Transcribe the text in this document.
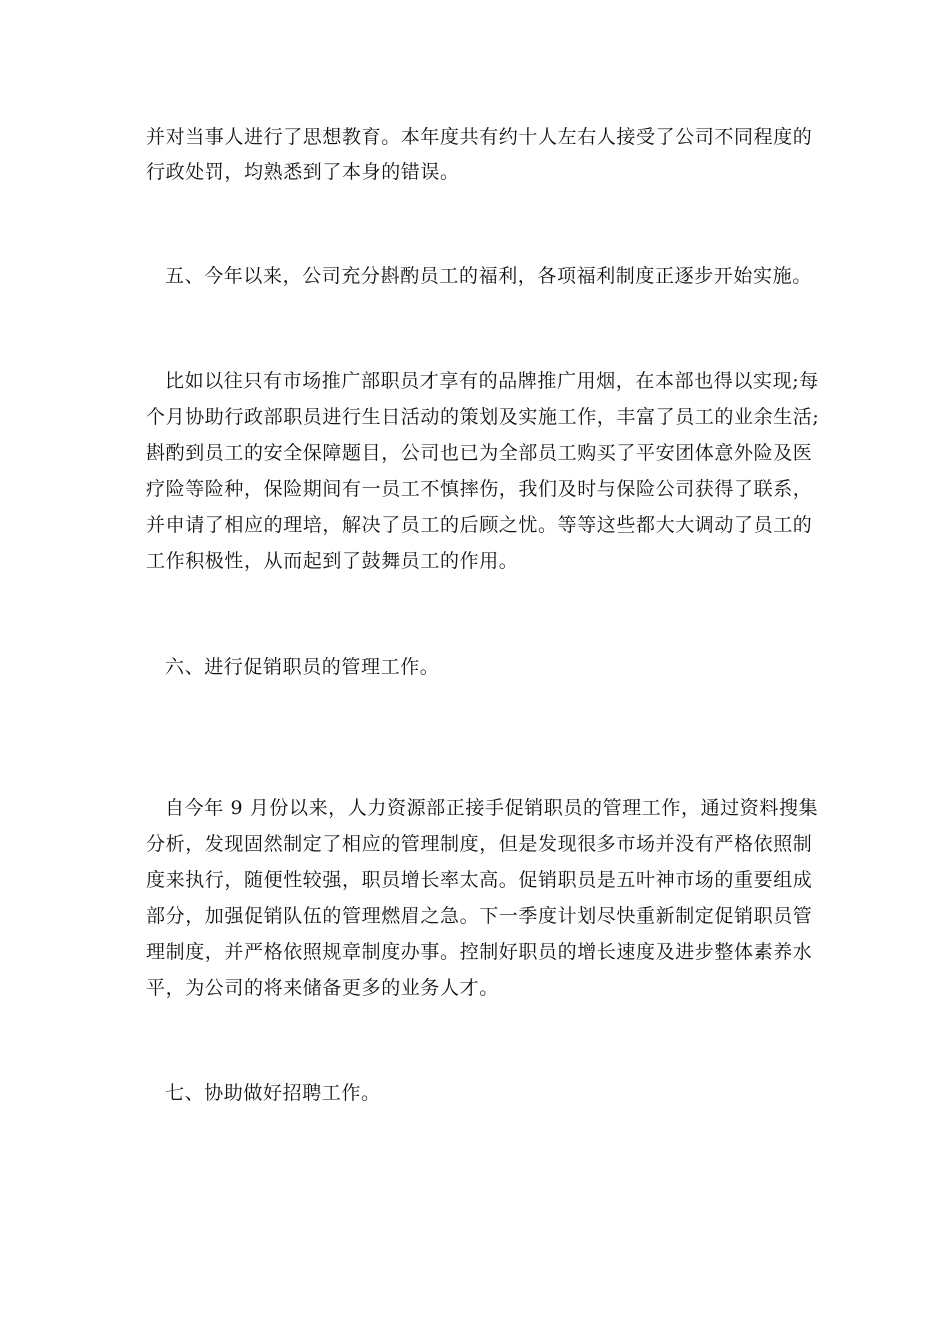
并对当事人进行了思想教育。本年度共有约十人左右人接受了公司不同程度的
行政处罚，均熟悉到了本身的错误。
五、今年以来，公司充分斟酌员工的福利，各项福利制度正逐步开始实施。
比如以往只有市场推广部职员才享有的品牌推广用烟，在本部也得以实现;每
个月协助行政部职员进行生日活动的策划及实施工作，丰富了员工的业余生活;
斟酌到员工的安全保障题目，公司也已为全部员工购买了平安团体意外险及医
疗险等险种，保险期间有一员工不慎摔伤，我们及时与保险公司获得了联系，
并申请了相应的理培，解决了员工的后顾之忧。等等这些都大大调动了员工的
工作积极性，从而起到了鼓舞员工的作用。
六、进行促销职员的管理工作。
自今年 9 月份以来，人力资源部正接手促销职员的管理工作，通过资料搜集
分析，发现固然制定了相应的管理制度，但是发现很多市场并没有严格依照制
度来执行，随便性较强，职员增长率太高。促销职员是五叶神市场的重要组成
部分，加强促销队伍的管理燃眉之急。下一季度计划尽快重新制定促销职员管
理制度，并严格依照规章制度办事。控制好职员的增长速度及进步整体素养水
平，为公司的将来储备更多的业务人才。
七、协助做好招聘工作。
